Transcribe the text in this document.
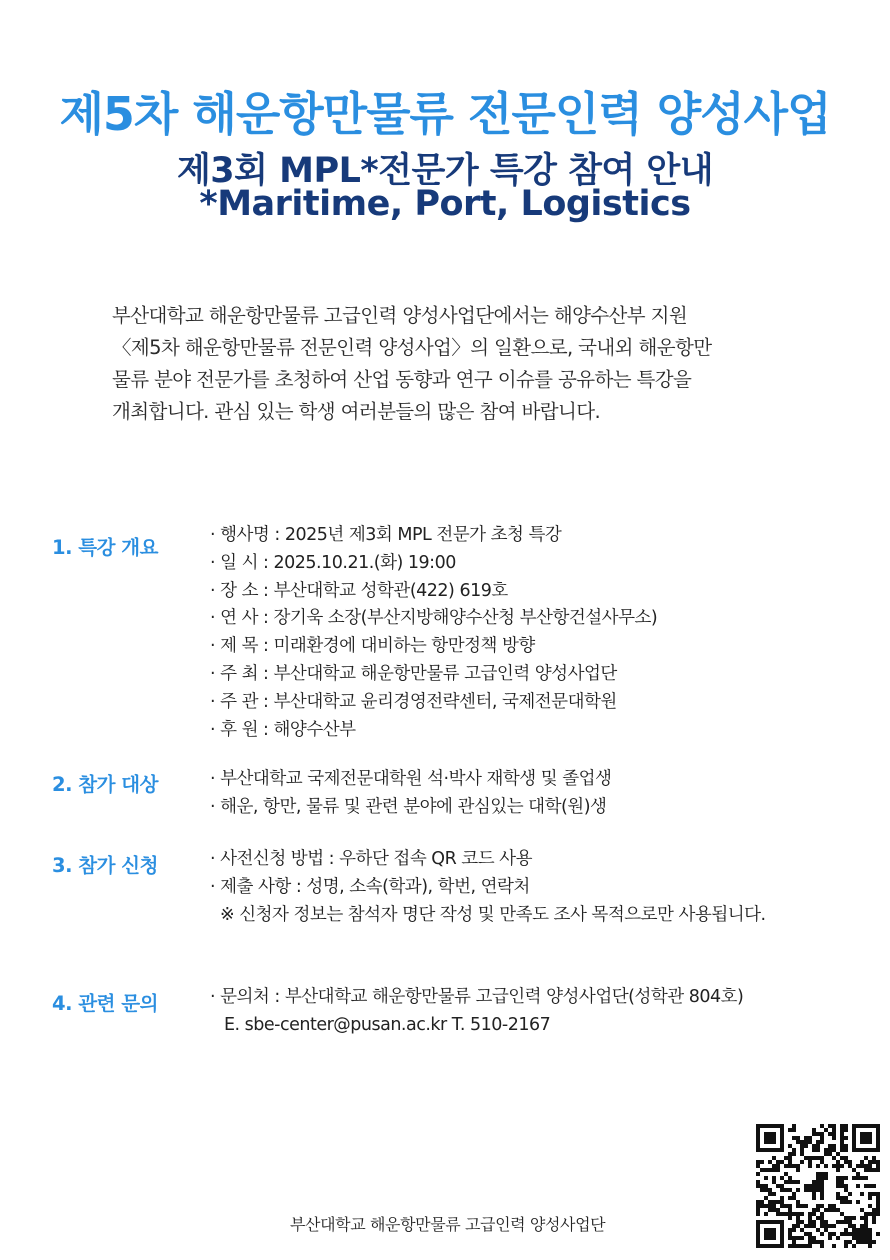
제5차 해운항만물류 전문인력 양성사업
제3회 MPL*전문가 특강 참여 안내
*Maritime, Port, Logistics
부산대학교 해운항만물류 고급인력 양성사업단에서는 해양수산부 지원
〈제5차 해운항만물류 전문인력 양성사업〉의 일환으로, 국내외 해운항만
물류 분야 전문가를 초청하여 산업 동향과 연구 이슈를 공유하는 특강을
개최합니다. 관심 있는 학생 여러분들의 많은 참여 바랍니다.
1. 특강 개요
· 행사명 : 2025년 제3회 MPL 전문가 초청 특강
· 일 시 : 2025.10.21.(화) 19:00
· 장 소 : 부산대학교 성학관(422) 619호
· 연 사 : 장기욱 소장(부산지방해양수산청 부산항건설사무소)
· 제 목 : 미래환경에 대비하는 항만정책 방향
· 주 최 : 부산대학교 해운항만물류 고급인력 양성사업단
· 주 관 : 부산대학교 윤리경영전략센터, 국제전문대학원
· 후 원 : 해양수산부
2. 참가 대상	· 부산대학교 국제전문대학원 석·박사 재학생 및 졸업생
· 해운, 항만, 물류 및 관련 분야에 관심있는 대학(원)생
3. 참가 신청	· 사전신청 방법 : 우하단 접속 QR 코드 사용
· 제출 사항 : 성명, 소속(학과), 학번, 연락처
※ 신청자 정보는 참석자 명단 작성 및 만족도 조사 목적으로만 사용됩니다.
4. 관련 문의	· 문의처 : 부산대학교 해운항만물류 고급인력 양성사업단(성학관 804호)
E. sbe-center@pusan.ac.kr T. 510-2167
부산대학교 해운항만물류 고급인력 양성사업단
